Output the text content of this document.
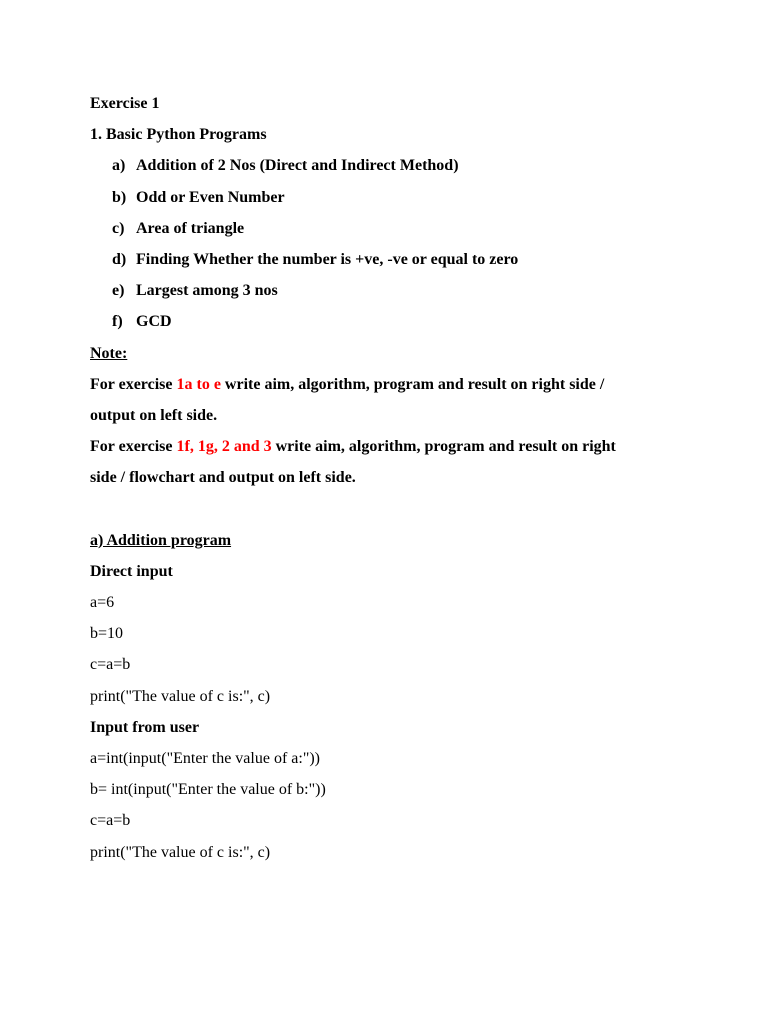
Exercise 1
1. Basic Python Programs
a) Addition of 2 Nos (Direct and Indirect Method)
b) Odd or Even Number
c) Area of triangle
d) Finding Whether the number is +ve, -ve or equal to zero
e) Largest among 3 nos
f) GCD
Note:
For exercise 1a to e write aim, algorithm, program and result on right side /
output on left side.
For exercise 1f, 1g, 2 and 3 write aim, algorithm, program and result on right
side / flowchart and output on left side.
a) Addition program
Direct input
a=6
b=10
c=a=b
print("The value of c is:", c)
Input from user
a=int(input("Enter the value of a:"))
b= int(input("Enter the value of b:"))
c=a=b
print("The value of c is:", c)
